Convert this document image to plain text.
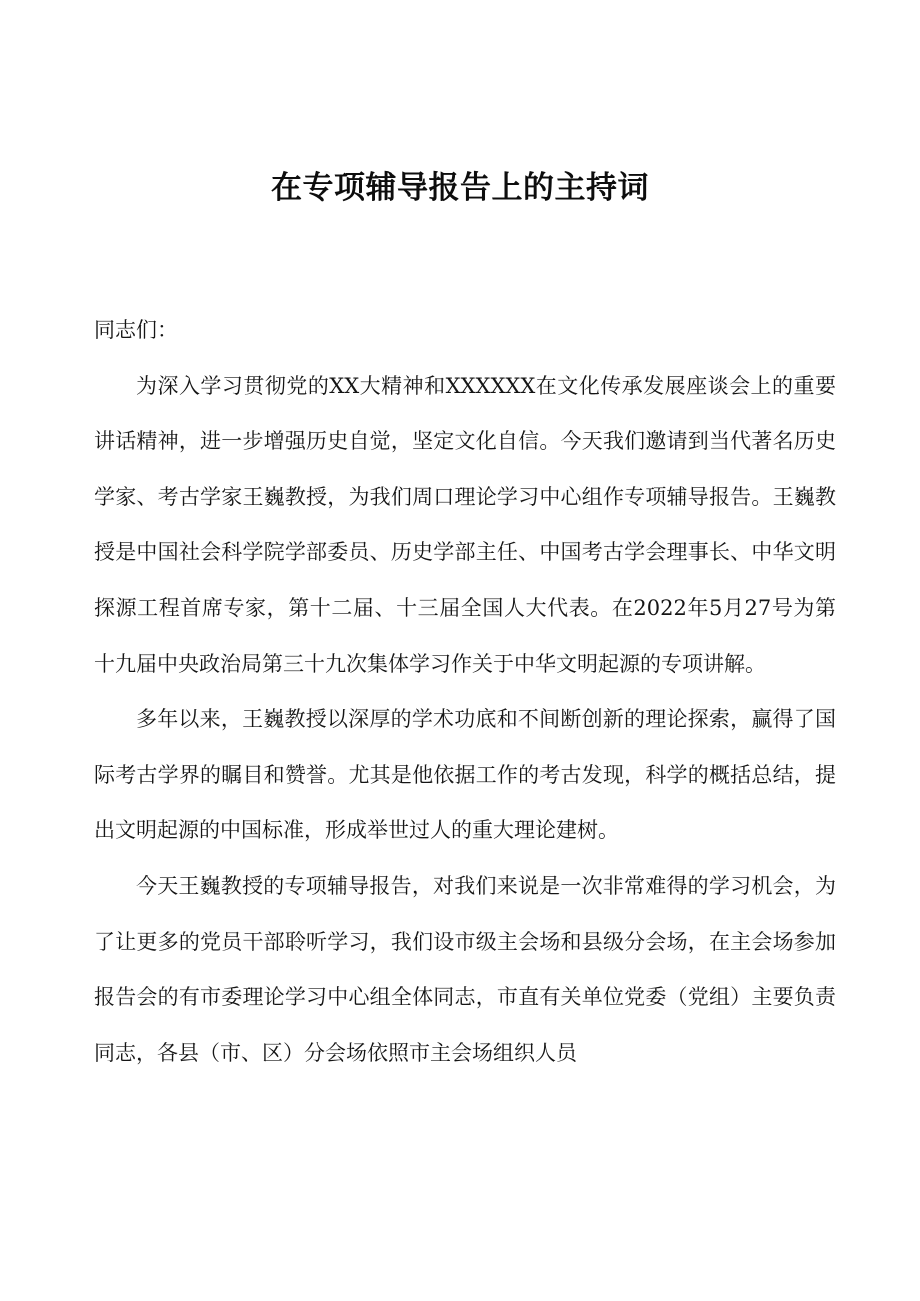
在专项辅导报告上的主持词

同志们：

为深入学习贯彻党的XX大精神和XXXXXX在文化传承发展座谈会上的重要讲话精神，进一步增强历史自觉，坚定文化自信。今天我们邀请到当代著名历史学家、考古学家王巍教授，为我们周口理论学习中心组作专项辅导报告。王巍教授是中国社会科学院学部委员、历史学部主任、中国考古学会理事长、中华文明探源工程首席专家，第十二届、十三届全国人大代表。在2022年5月27号为第十九届中央政治局第三十九次集体学习作关于中华文明起源的专项讲解。

多年以来，王巍教授以深厚的学术功底和不间断创新的理论探索，赢得了国际考古学界的瞩目和赞誉。尤其是他依据工作的考古发现，科学的概括总结，提出文明起源的中国标准，形成举世过人的重大理论建树。

今天王巍教授的专项辅导报告，对我们来说是一次非常难得的学习机会，为了让更多的党员干部聆听学习，我们设市级主会场和县级分会场，在主会场参加报告会的有市委理论学习中心组全体同志，市直有关单位党委（党组）主要负责同志，各县（市、区）分会场依照市主会场组织人员
